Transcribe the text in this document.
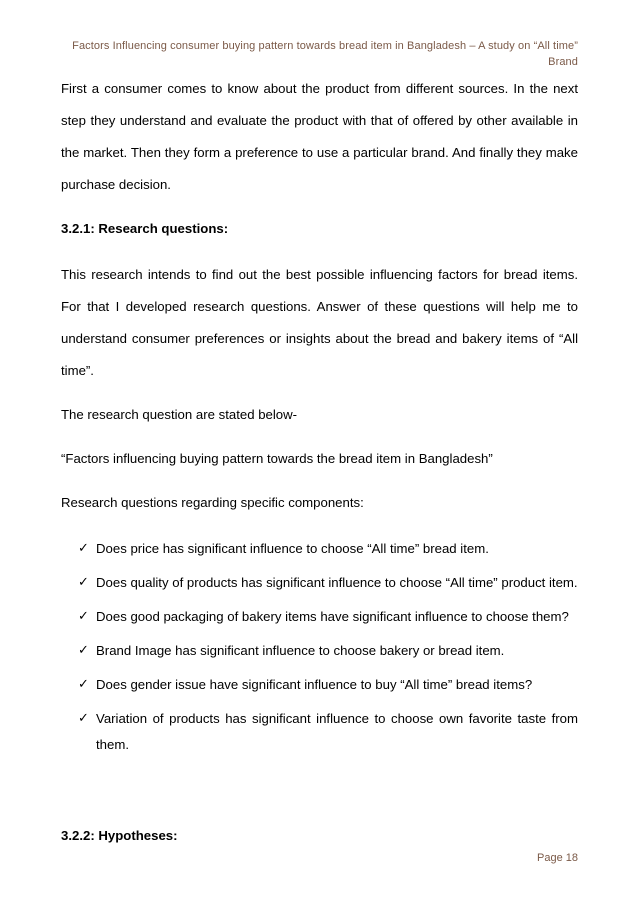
Factors Influencing consumer buying pattern towards bread item in Bangladesh – A study on “All time”
Brand

First a consumer comes to know about the product from different sources. In the next step they understand and evaluate the product with that of offered by other available in the market. Then they form a preference to use a particular brand. And finally they make purchase decision.

3.2.1: Research questions:

This research intends to find out the best possible influencing factors for bread items. For that I developed research questions. Answer of these questions will help me to understand consumer preferences or insights about the bread and bakery items of “All time”.

The research question are stated below-

“Factors influencing buying pattern towards the bread item in Bangladesh”

Research questions regarding specific components:

✓ Does price has significant influence to choose “All time” bread item.
✓ Does quality of products has significant influence to choose “All time” product item.
✓ Does good packaging of bakery items have significant influence to choose them?
✓ Brand Image has significant influence to choose bakery or bread item.
✓ Does gender issue have significant influence to buy “All time” bread items?
✓ Variation of products has significant influence to choose own favorite taste from them.

3.2.2: Hypotheses:

Page 18
